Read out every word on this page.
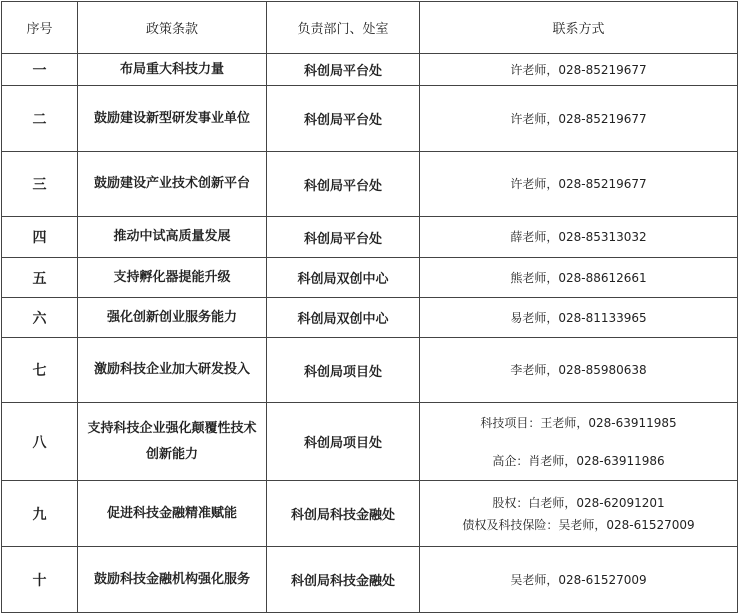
序号	政策条款	负责部门、处室	联系方式
一	布局重大科技力量	科创局平台处	许老师，028-85219677

二	鼓励建设新型研发事业单位	科创局平台处	许老师，028-85219677

三	鼓励建设产业技术创新平台	科创局平台处	许老师，028-85219677

四	推动中试高质量发展	科创局平台处	薛老师，028-85313032

五	支持孵化器提能升级	科创局双创中心	熊老师，028-88612661

六	强化创新创业服务能力	科创局双创中心	易老师，028-81133965

七	激励科技企业加大研发投入	科创局项目处	李老师，028-85980638

八	支持科技企业强化颠覆性技术创新能力	科创局项目处	科技项目：王老师，028-63911985
高企：肖老师，028-63911986

九	促进科技金融精准赋能	科创局科技金融处	股权：白老师，028-62091201
债权及科技保险：吴老师，028-61527009

十	鼓励科技金融机构强化服务	科创局科技金融处	吴老师，028-61527009
